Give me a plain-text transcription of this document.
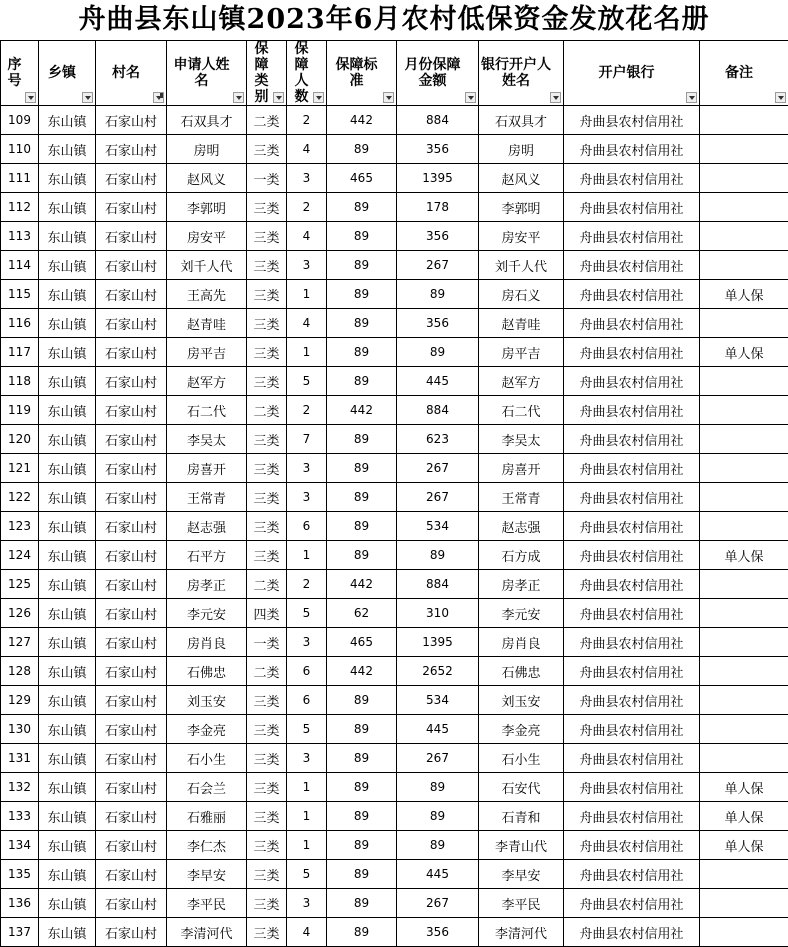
舟曲县东山镇2023年6月农村低保资金发放花名册
序号	乡镇	村名	申请人姓名	保障类别	保障人数	保障标准	月份保障金额	银行开户人姓名	开户银行	备注

109	东山镇	石家山村	石双具才	二类	2	442	884	石双具才	舟曲县农村信用社	
110	东山镇	石家山村	房明	三类	4	89	356	房明	舟曲县农村信用社	
111	东山镇	石家山村	赵风义	一类	3	465	1395	赵风义	舟曲县农村信用社	
112	东山镇	石家山村	李郭明	三类	2	89	178	李郭明	舟曲县农村信用社	
113	东山镇	石家山村	房安平	三类	4	89	356	房安平	舟曲县农村信用社	
114	东山镇	石家山村	刘千人代	三类	3	89	267	刘千人代	舟曲县农村信用社	
115	东山镇	石家山村	王高先	三类	1	89	89	房石义	舟曲县农村信用社	单人保
116	东山镇	石家山村	赵青哇	三类	4	89	356	赵青哇	舟曲县农村信用社	
117	东山镇	石家山村	房平吉	三类	1	89	89	房平吉	舟曲县农村信用社	单人保
118	东山镇	石家山村	赵军方	三类	5	89	445	赵军方	舟曲县农村信用社	
119	东山镇	石家山村	石二代	二类	2	442	884	石二代	舟曲县农村信用社	
120	东山镇	石家山村	李吴太	三类	7	89	623	李吴太	舟曲县农村信用社	
121	东山镇	石家山村	房喜开	三类	3	89	267	房喜开	舟曲县农村信用社	
122	东山镇	石家山村	王常青	三类	3	89	267	王常青	舟曲县农村信用社	
123	东山镇	石家山村	赵志强	三类	6	89	534	赵志强	舟曲县农村信用社	
124	东山镇	石家山村	石平方	三类	1	89	89	石方成	舟曲县农村信用社	单人保
125	东山镇	石家山村	房孝正	二类	2	442	884	房孝正	舟曲县农村信用社	
126	东山镇	石家山村	李元安	四类	5	62	310	李元安	舟曲县农村信用社	
127	东山镇	石家山村	房肖良	一类	3	465	1395	房肖良	舟曲县农村信用社	
128	东山镇	石家山村	石佛忠	二类	6	442	2652	石佛忠	舟曲县农村信用社	
129	东山镇	石家山村	刘玉安	三类	6	89	534	刘玉安	舟曲县农村信用社	
130	东山镇	石家山村	李金亮	三类	5	89	445	李金亮	舟曲县农村信用社	
131	东山镇	石家山村	石小生	三类	3	89	267	石小生	舟曲县农村信用社	
132	东山镇	石家山村	石会兰	三类	1	89	89	石安代	舟曲县农村信用社	单人保
133	东山镇	石家山村	石雅丽	三类	1	89	89	石青和	舟曲县农村信用社	单人保
134	东山镇	石家山村	李仁杰	三类	1	89	89	李青山代	舟曲县农村信用社	单人保
135	东山镇	石家山村	李早安	三类	5	89	445	李早安	舟曲县农村信用社	
136	东山镇	石家山村	李平民	三类	3	89	267	李平民	舟曲县农村信用社	
137	东山镇	石家山村	李清河代	三类	4	89	356	李清河代	舟曲县农村信用社	
